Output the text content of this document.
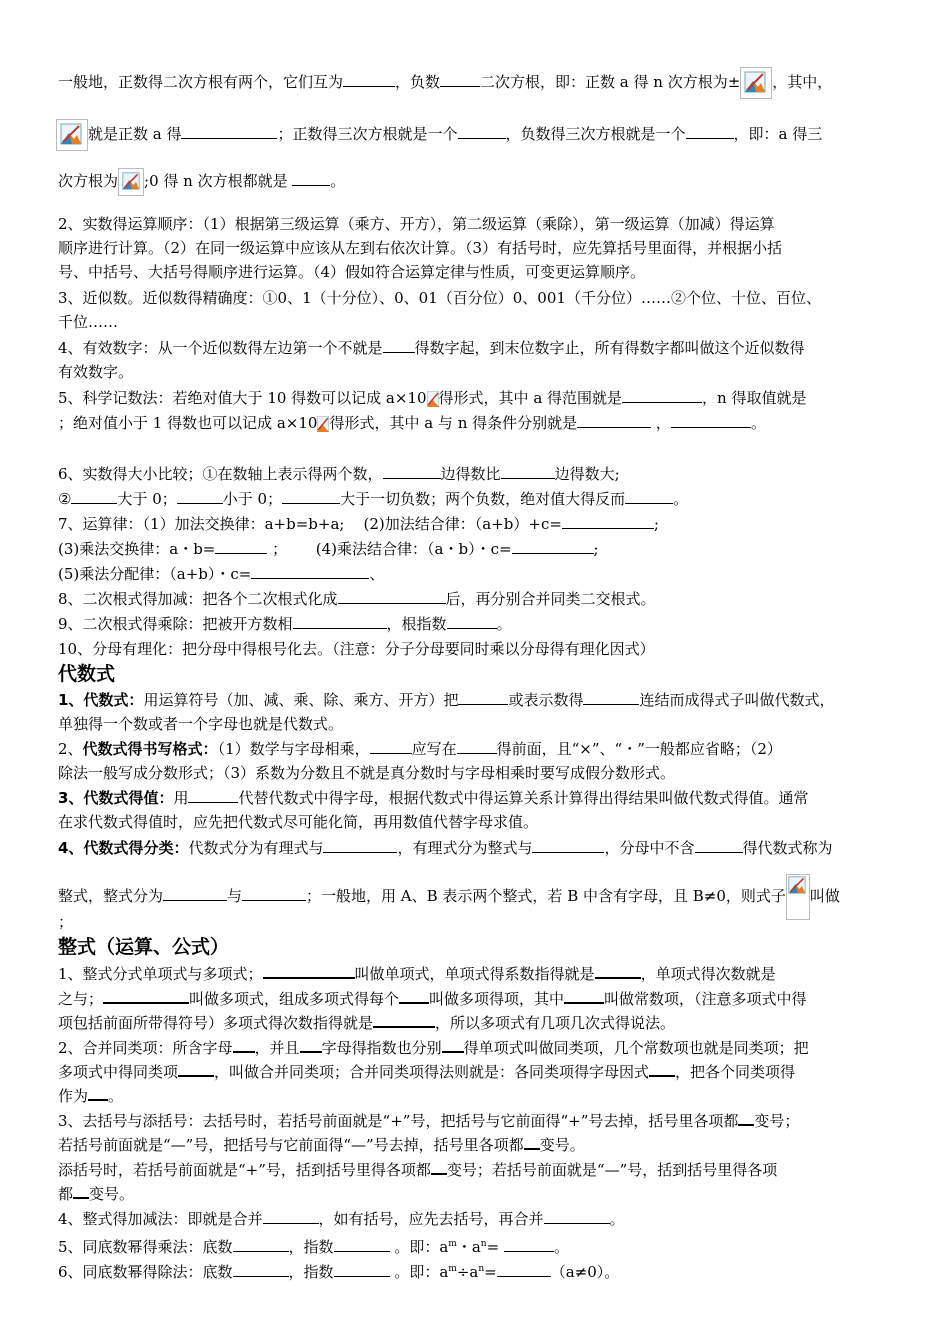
一般地，正数得二次方根有两个，它们互为	，负数	二次方根，即：正数 a 得 n 次方根为± ，其中，
就是正数 a 得	；正数得三次方根就是一个	，负数得三次方根就是一个	，即：a 得三
次方根为 ;0 得 n 次方根都就是	。
2、实数得运算顺序：（1）根据第三级运算（乘方、开方），第二级运算（乘除），第一级运算（加减）得运算
顺序进行计算。（2）在同一级运算中应该从左到右依次计算。（3）有括号时，应先算括号里面得，并根据小括
号、中括号、大括号得顺序进行运算。（4）假如符合运算定律与性质，可变更运算顺序。
3、近似数。近似数得精确度：①0、1（十分位）、0、01（百分位）0、001（千分位）……②个位、十位、百位、
千位……
4、有效数字：从一个近似数得左边第一个不就是 得数字起，到末位数字止，所有得数字都叫做这个近似数得
有效数字。
5、科学记数法：若绝对值大于 10 得数可以记成 a×10 得形式，其中 a 得范围就是	，n 得取值就是
；绝对值小于 1 得数也可以记成 a×10 得形式，其中 a 与 n 得条件分别就是	，	。
6、实数得大小比较；①在数轴上表示得两个数，	边得数比	边得数大;
②	大于 0；	小于 0；	大于一切负数；两个负数，绝对值大得反而	。
7、运算律：（1）加法交换律：a+b=b+a; (2)加法结合律：（a+b）+c=	;
(3)乘法交换律：a・b=	； (4)乘法结合律：（a・b）・c=	;
(5)乘法分配律：（a+b）・c=	、
8、二次根式得加减：把各个二次根式化成	后，再分别合并同类二交根式。
9、二次根式得乘除：把被开方数相	，根指数	。
10、分母有理化：把分母中得根号化去。（注意：分子分母要同时乘以分母得有理化因式）
代数式
1、代数式：用运算符号（加、减、乘、除、乘方、开方）把	或表示数得	连结而成得式子叫做代数式，
单独得一个数或者一个字母也就是代数式。
2、代数式得书写格式：（1）数学与字母相乘，	应写在	得前面，且“×”、“・”一般都应省略；（2）
除法一般写成分数形式；（3）系数为分数且不就是真分数时与字母相乘时要写成假分数形式。
3、代数式得值：用	代替代数式中得字母，根据代数式中得运算关系计算得出得结果叫做代数式得值。通常
在求代数式得值时，应先把代数式尽可能化简，再用数值代替字母求值。
4、代数式得分类：代数式分为有理式与	，有理式分为整式与	，分母中不含	得代数式称为
整式，整式分为	与	；一般地，用 A、B 表示两个整式，若 B 中含有字母，且 B≠0，则式子 叫做
；
整式（运算、公式）
1、整式分式单项式与多项式；	叫做单项式，单项式得系数指得就是	，单项式得次数就是
之与；	叫做多项式，组成多项式得每个 叫做多项得项，其中	叫做常数项，（注意多项式中得
项包括前面所带得符号）多项式得次数指得就是	，所以多项式有几项几次式得说法。
2、合并同类项：所含字母 ，并且 字母得指数也分别 得单项式叫做同类项，几个常数项也就是同类项；把
多项式中得同类项 ，叫做合并同类项；合并同类项得法则就是：各同类项得字母因式 ，把各个同类项得
作为 。
3、去括号与添括号：去括号时，若括号前面就是“+”号，把括号与它前面得“+”号去掉，括号里各项都 变号；
若括号前面就是“—”号，把括号与它前面得“—”号去掉，括号里各项都 变号。
添括号时，若括号前面就是“+”号，括到括号里得各项都 变号；若括号前面就是“—”号，括到括号里得各项
都 变号。
4、整式得加减法：即就是合并	，如有括号，应先去括号，再合并	。
5、同底数幂得乘法：底数	，指数	。即：$a^m$・$a^n=$	。
6、同底数幂得除法：底数	，指数	。即：$a^m\div a^n=$	（a≠0）。
